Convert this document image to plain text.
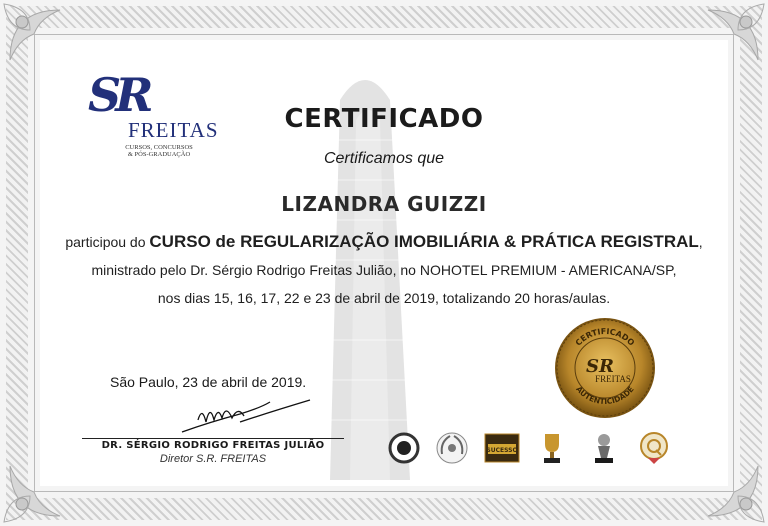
SR
FREITAS
CURSOS, CONCURSOS
& PÓS-GRADUAÇÃO
CERTIFICADO
Certificamos que
LIZANDRA GUIZZI
participou do CURSO de REGULARIZAÇÃO IMOBILIÁRIA & PRÁTICA REGISTRAL,
ministrado pelo Dr. Sérgio Rodrigo Freitas Julião, no NOHOTEL PREMIUM - AMERICANA/SP,
nos dias 15, 16, 17, 22 e 23 de abril de 2019, totalizando 20 horas/aulas.
São Paulo, 23 de abril de 2019.
DR. SÉRGIO RODRIGO FREITAS JULIÃO
Diretor S.R. FREITAS
CERTIFICADO
AUTENTICIDADE
SR
FREITAS
SUCESSO
